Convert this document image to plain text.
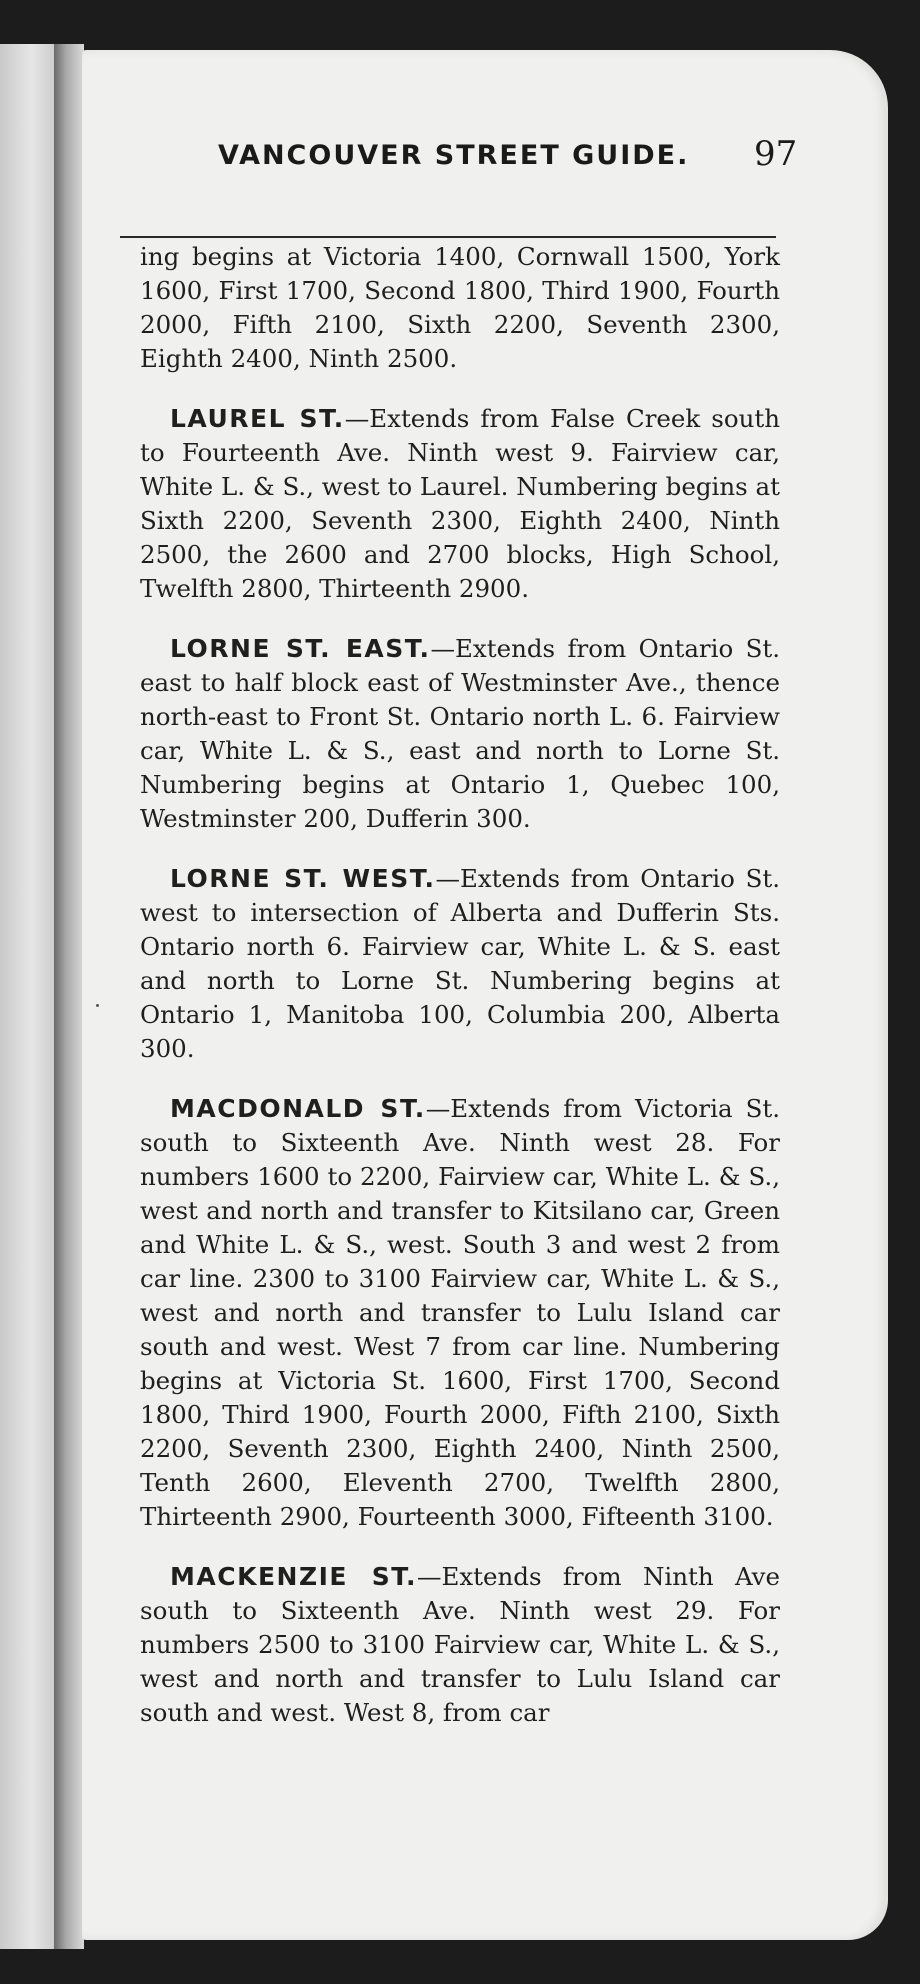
VANCOUVER STREET GUIDE. 97

ing begins at Victoria 1400, Cornwall 1500, York 1600, First 1700, Second 1800, Third 1900, Fourth 2000, Fifth 2100, Sixth 2200, Seventh 2300, Eighth 2400, Ninth 2500.

LAUREL ST.—Extends from False Creek south to Fourteenth Ave. Ninth west 9. Fairview car, White L. & S., west to Laurel. Numbering begins at Sixth 2200, Seventh 2300, Eighth 2400, Ninth 2500, the 2600 and 2700 blocks, High School, Twelfth 2800, Thirteenth 2900.

LORNE ST. EAST.—Extends from Ontario St. east to half block east of Westminster Ave., thence north-east to Front St. Ontario north L. 6. Fairview car, White L. & S., east and north to Lorne St. Numbering begins at Ontario 1, Quebec 100, Westminster 200, Dufferin 300.

LORNE ST. WEST.—Extends from Ontario St. west to intersection of Alberta and Dufferin Sts. Ontario north 6. Fairview car, White L. & S. east and north to Lorne St. Numbering begins at Ontario 1, Manitoba 100, Columbia 200, Alberta 300.

MACDONALD ST.—Extends from Victoria St. south to Sixteenth Ave. Ninth west 28. For numbers 1600 to 2200, Fairview car, White L. & S., west and north and transfer to Kitsilano car, Green and White L. & S., west. South 3 and west 2 from car line. 2300 to 3100 Fairview car, White L. & S., west and north and transfer to Lulu Island car south and west. West 7 from car line. Numbering begins at Victoria St. 1600, First 1700, Second 1800, Third 1900, Fourth 2000, Fifth 2100, Sixth 2200, Seventh 2300, Eighth 2400, Ninth 2500, Tenth 2600, Eleventh 2700, Twelfth 2800, Thirteenth 2900, Fourteenth 3000, Fifteenth 3100.

MACKENZIE ST.—Extends from Ninth Ave south to Sixteenth Ave. Ninth west 29. For numbers 2500 to 3100 Fairview car, White L. & S., west and north and transfer to Lulu Island car south and west. West 8, from car
